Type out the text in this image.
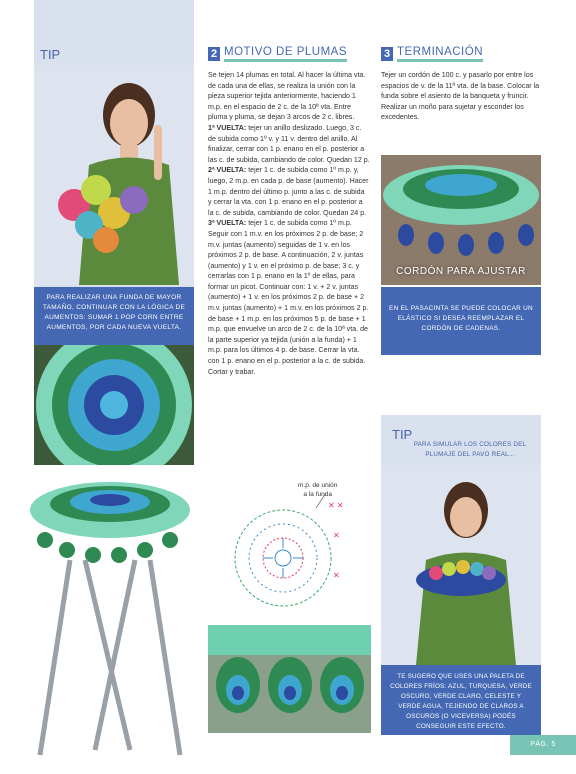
TIP
PARA REALIZAR UNA FUNDA DE MAYOR TAMAÑO, CONTINUAR CON LA LÓGICA DE AUMENTOS: SUMAR 1 POP CORN ENTRE AUMENTOS, POR CADA NUEVA VUELTA.
2 MOTIVO DE PLUMAS

Se tejen 14 plumas en total. Al hacer la última vta. de cada una de ellas, se realiza la unión con la pieza superior tejida anteriormente, haciendo 1 m.p. en el espacio de 2 c. de la 10ª vta. Entre pluma y pluma, se dejan 3 arcos de 2 c. libres.

1ª VUELTA: tejer un anillo deslizado. Luego, 3 c. de subida como 1º v. y 11 v. dentro del anillo. Al finalizar, cerrar con 1 p. enano en el p. posterior a las c. de subida, cambiando de color. Quedan 12 p.

2ª VUELTA: tejer 1 c. de subida como 1º m.p. y, luego, 2 m.p. en cada p. de base (aumento). Hacer 1 m.p. dentro del último p. junto a las c. de subida y cerrar la vta. con 1 p. enano en el p. posterior a la c. de subida, cambiando de color. Quedan 24 p.

3ª VUELTA: tejer 1 c. de subida como 1º m.p. Seguir con 1 m.v. en los próximos 2 p. de base; 2 m.v. juntas (aumento) seguidas de 1 v. en los próximos 2 p. de base. A continuación, 2 v. juntas (aumento) y 1 v. en el próximo p. de base; 3 c. y cerrarlas con 1 p. enano en la 1º de ellas, para formar un picot. Continuar con: 1 v. + 2 v. juntas (aumento) + 1 v. en los próximos 2 p. de base + 2 m.v. juntas (aumento) + 1 m.v. en los próximos 2 p. de base + 1 m.p. en los próximos 5 p. de base + 1 m.p. que envuelve un arco de 2 c. de la 10ª vta. de la parte superior ya tejida (unión a la funda) + 1 m.p. para los últimos 4 p. de base. Cerrar la vta. con 1 p. enano en el p. posterior a la c. de subida. Cortar y trabar.

m.p. de unión
a la funda
✕ ✕
✕
✕
3 TERMINACIÓN
Tejer un cordón de 100 c. y pasarlo por entre los espacios de v. de la 11ª vta. de la base. Colocar la funda sobre el asiento de la banqueta y fruncir. Realizar un moño para sujetar y esconder los excedentes.
CORDÓN PARA AJUSTAR
EN EL PASACINTA SE PUEDE COLOCAR UN ELÁSTICO SI DESEA REEMPLAZAR EL CORDÓN DE CADENAS.
TIP
PARA SIMULAR LOS COLORES DEL PLUMAJE DEL PAVO REAL...
TE SUGERO QUE USES UNA PALETA DE COLORES FRÍOS: AZUL, TURQUESA, VERDE OSCURO, VERDE CLARO, CELESTE Y VERDE AGUA, TEJIENDO DE CLAROS A OSCUROS (O VICEVERSA) PODÉS CONSEGUIR ESTE EFECTO.
PÁG. 5
